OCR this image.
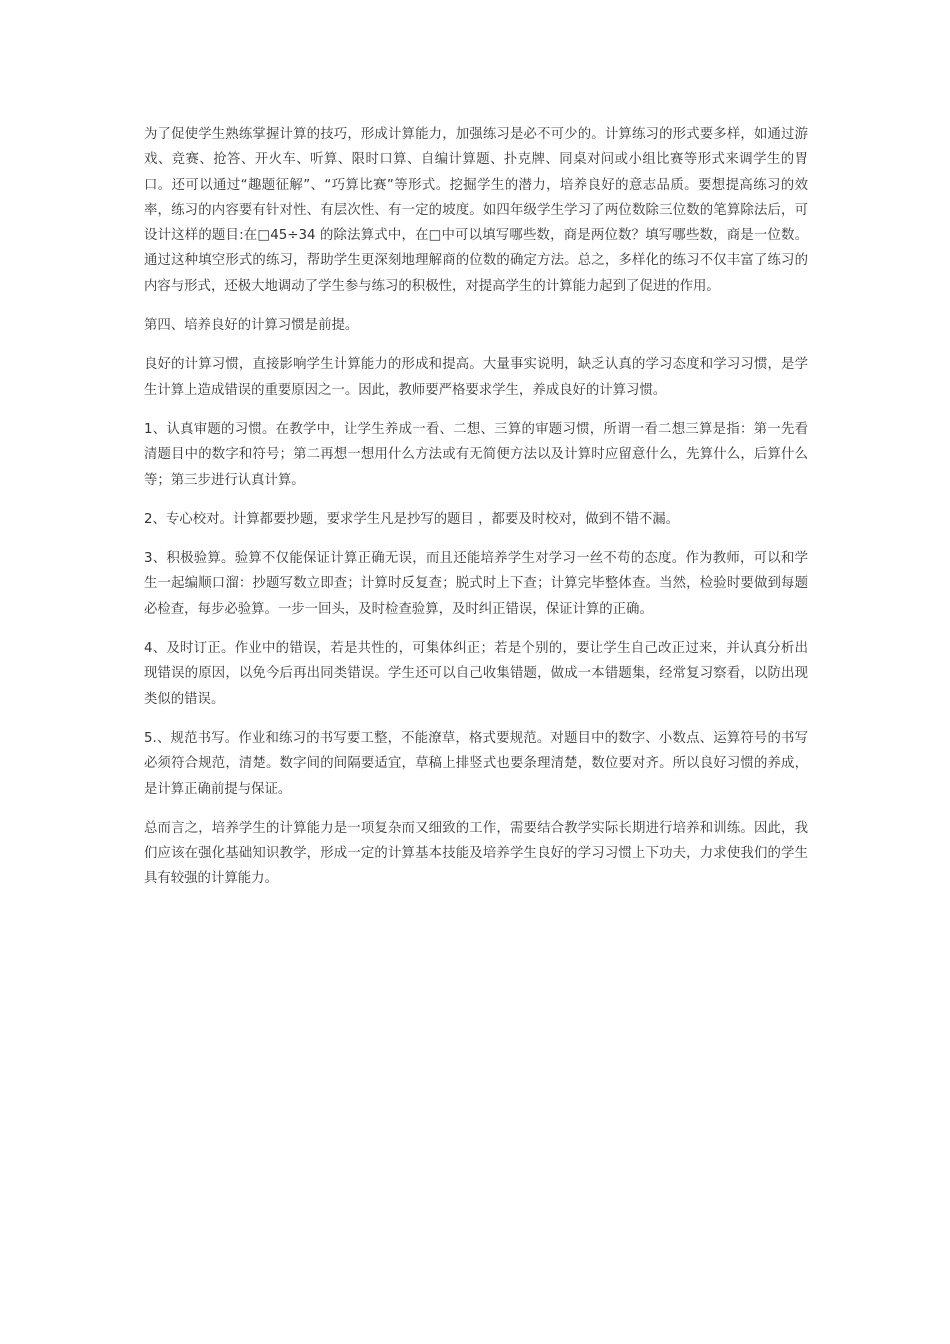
为了促使学生熟练掌握计算的技巧，形成计算能力，加强练习是必不可少的。计算练习的形式要多样，如通过游戏、竞赛、抢答、开火车、听算、限时口算、自编计算题、扑克牌、同桌对问或小组比赛等形式来调学生的胃口。还可以通过“趣题征解”、“巧算比赛”等形式。挖掘学生的潜力，培养良好的意志品质。要想提高练习的效率，练习的内容要有针对性、有层次性、有一定的坡度。如四年级学生学习了两位数除三位数的笔算除法后，可设计这样的题目:在□45÷34 的除法算式中，在□中可以填写哪些数，商是两位数？填写哪些数，商是一位数。通过这种填空形式的练习，帮助学生更深刻地理解商的位数的确定方法。总之，多样化的练习不仅丰富了练习的内容与形式，还极大地调动了学生参与练习的积极性，对提高学生的计算能力起到了促进的作用。

第四、培养良好的计算习惯是前提。

良好的计算习惯，直接影响学生计算能力的形成和提高。大量事实说明，缺乏认真的学习态度和学习习惯，是学生计算上造成错误的重要原因之一。因此，教师要严格要求学生，养成良好的计算习惯。

1、认真审题的习惯。在教学中，让学生养成一看、二想、三算的审题习惯，所谓一看二想三算是指：第一先看清题目中的数字和符号；第二再想一想用什么方法或有无简便方法以及计算时应留意什么，先算什么，后算什么等；第三步进行认真计算。

2、专心校对。计算都要抄题，要求学生凡是抄写的题目 ，都要及时校对，做到不错不漏。

3、积极验算。验算不仅能保证计算正确无误，而且还能培养学生对学习一丝不苟的态度。作为教师，可以和学生一起编顺口溜：抄题写数立即查；计算时反复查；脱式时上下查；计算完毕整体查。当然，检验时要做到每题必检查，每步必验算。一步一回头，及时检查验算，及时纠正错误，保证计算的正确。

4、及时订正。作业中的错误，若是共性的，可集体纠正；若是个别的，要让学生自己改正过来，并认真分析出现错误的原因，以免今后再出同类错误。学生还可以自己收集错题，做成一本错题集，经常复习察看，以防出现类似的错误。

5.、规范书写。作业和练习的书写要工整，不能潦草，格式要规范。对题目中的数字、小数点、运算符号的书写必须符合规范，清楚。数字间的间隔要适宜，草稿上排竖式也要条理清楚，数位要对齐。所以良好习惯的养成，是计算正确前提与保证。

总而言之，培养学生的计算能力是一项复杂而又细致的工作，需要结合教学实际长期进行培养和训练。因此，我们应该在强化基础知识教学，形成一定的计算基本技能及培养学生良好的学习习惯上下功夫，力求使我们的学生具有较强的计算能力。
